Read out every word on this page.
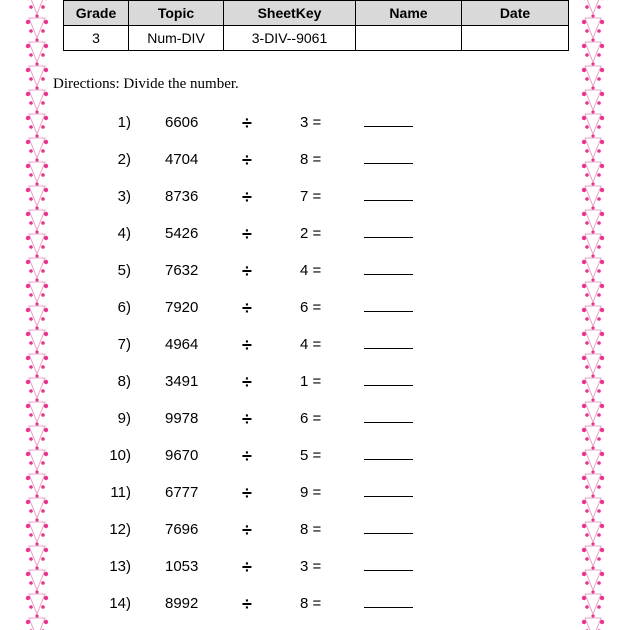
Grade	Topic	SheetKey	Name	Date
3	Num-DIV	3-DIV--9061		
Directions: Divide the number.
1) 6606 ÷	3 =
2) 4704 ÷	8 =
3) 8736 ÷	7 =
4) 5426 ÷	2 =
5) 7632 ÷	4 =
6) 7920 ÷	6 =
7) 4964 ÷	4 =
8) 3491 ÷	1 =
9) 9978 ÷	6 =
10) 9670 ÷	5 =
11) 6777 ÷	9 =
12) 7696 ÷	8 =
13) 1053 ÷	3 =
14) 8992 ÷	8 =
